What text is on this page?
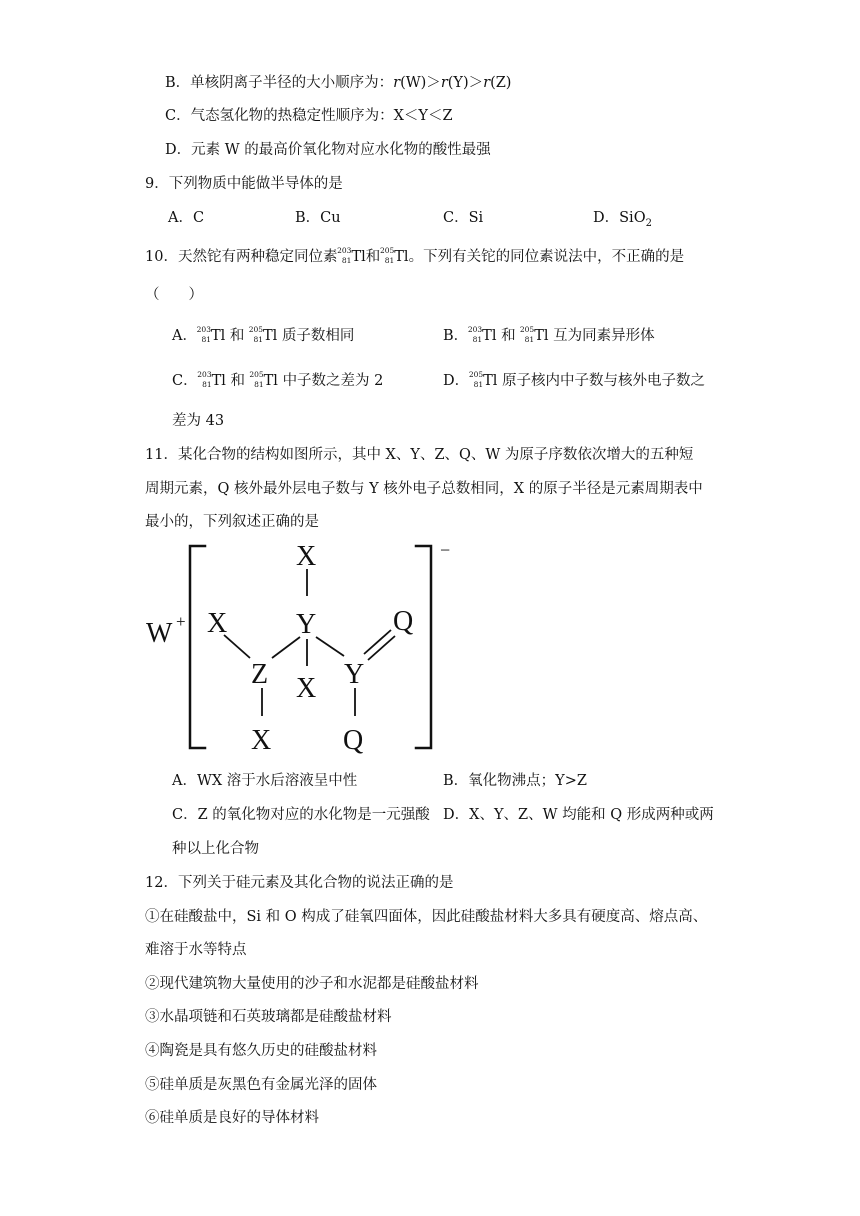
B．单核阴离子半径的大小顺序为：r(W)＞r(Y)＞r(Z)
C．气态氢化物的热稳定性顺序为：X＜Y＜Z
D．元素 W 的最高价氧化物对应水化物的酸性最强
9．下列物质中能做半导体的是
A．C	B．Cu	C．Si	D．SiO$_2$
10．天然铊有两种稳定同位素 203
81 Tl和 205
81 Tl。下列有关铊的同位素说法中，不正确的是
（　　）
A． 203
81 Tl 和 205
81 Tl 质子数相同	B． 203
81 Tl 和 205
81 Tl 互为同素异形体
C． 203
81 Tl 和 205
81 Tl 中子数之差为 2	D． 205
81 Tl 原子核内中子数与核外电子数之
差为 43
11．某化合物的结构如图所示，其中 X、Y、Z、Q、W 为原子序数依次增大的五种短
周期元素，Q 核外最外层电子数与 Y 核外电子总数相同，X 的原子半径是元素周期表中
最小的，下列叙述正确的是
W +
−
X
X Y	Q
Z X Y
X	Q
A．WX 溶于水后溶液呈中性	B．氧化物沸点；Y>Z
C．Z 的氧化物对应的水化物是一元强酸 D．X、Y、Z、W 均能和 Q 形成两种或两
种以上化合物
12．下列关于硅元素及其化合物的说法正确的是
①在硅酸盐中，Si 和 O 构成了硅氧四面体，因此硅酸盐材料大多具有硬度高、熔点高、
难溶于水等特点
②现代建筑物大量使用的沙子和水泥都是硅酸盐材料
③水晶项链和石英玻璃都是硅酸盐材料
④陶瓷是具有悠久历史的硅酸盐材料
⑤硅单质是灰黑色有金属光泽的固体
⑥硅单质是良好的导体材料
